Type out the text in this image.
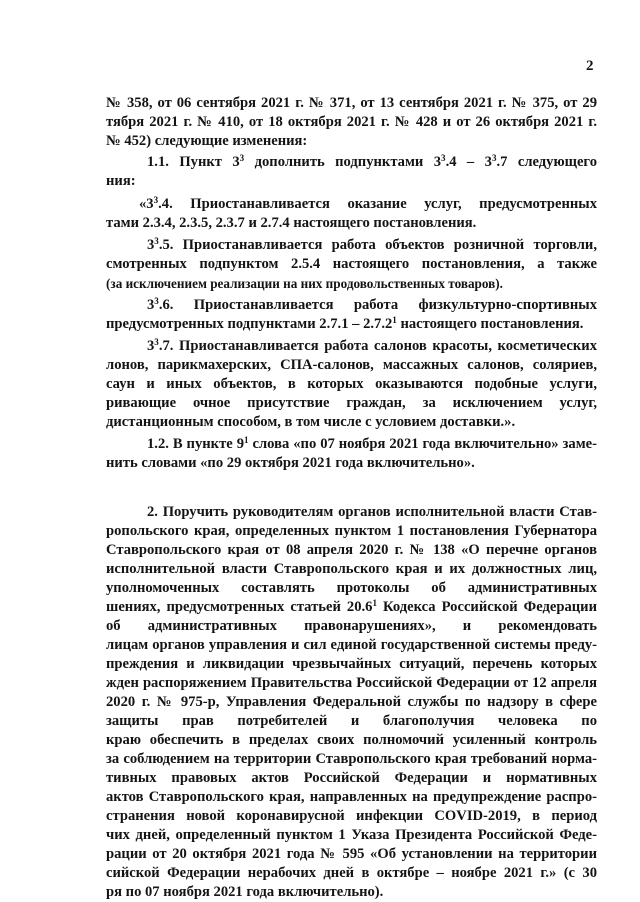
2
№ 358, от 06 сентября 2021 г. № 371, от 13 сентября 2021 г. № 375, от 29
тября 2021 г. № 410, от 18 октября 2021 г. № 428 и от 26 октября 2021 г.
№ 452) следующие изменения:
1.1. Пункт $3^3$ дополнить подпунктами $3^3.4 - 3^3.7$ следующего
ния:
«$3^3.4$. Приостанавливается оказание услуг, предусмотренных
тами 2.3.4, 2.3.5, 2.3.7 и 2.7.4 настоящего постановления.
$3^3.5$. Приостанавливается работа объектов розничной торговли,
смотренных подпунктом 2.5.4 настоящего постановления, а также
(за исключением реализации на них продовольственных товаров).
$3^3.6$. Приостанавливается работа физкультурно-спортивных
предусмотренных подпунктами 2.7.1 – 2.7.2$^1$ настоящего постановления.
$3^3.7$. Приостанавливается работа салонов красоты, косметических
лонов, парикмахерских, СПА-салонов, массажных салонов, соляриев,
саун и иных объектов, в которых оказываются подобные услуги,
ривающие очное присутствие граждан, за исключением услуг,
дистанционным способом, в том числе с условием доставки.».
1.2. В пункте $9^1$ слова «по 07 ноября 2021 года включительно» заме-
нить словами «по 29 октября 2021 года включительно».
2. Поручить руководителям органов исполнительной власти Став-
ропольского края, определенных пунктом 1 постановления Губернатора
Ставропольского края от 08 апреля 2020 г. № 138 «О перечне органов
исполнительной власти Ставропольского края и их должностных лиц,
уполномоченных составлять протоколы об административных
шениях, предусмотренных статьей 20.6$^1$ Кодекса Российской Федерации
об административных правонарушениях», и рекомендовать
лицам органов управления и сил единой государственной системы преду-
преждения и ликвидации чрезвычайных ситуаций, перечень которых
жден распоряжением Правительства Российской Федерации от 12 апреля
2020 г. № 975-р, Управления Федеральной службы по надзору в сфере
защиты прав потребителей и благополучия человека по
краю обеспечить в пределах своих полномочий усиленный контроль
за соблюдением на территории Ставропольского края требований норма-
тивных правовых актов Российской Федерации и нормативных
актов Ставропольского края, направленных на предупреждение распро-
странения новой коронавирусной инфекции COVID-2019, в период
чих дней, определенный пунктом 1 Указа Президента Российской Феде-
рации от 20 октября 2021 года № 595 «Об установлении на территории
сийской Федерации нерабочих дней в октябре – ноябре 2021 г.» (с 30
ря по 07 ноября 2021 года включительно).
